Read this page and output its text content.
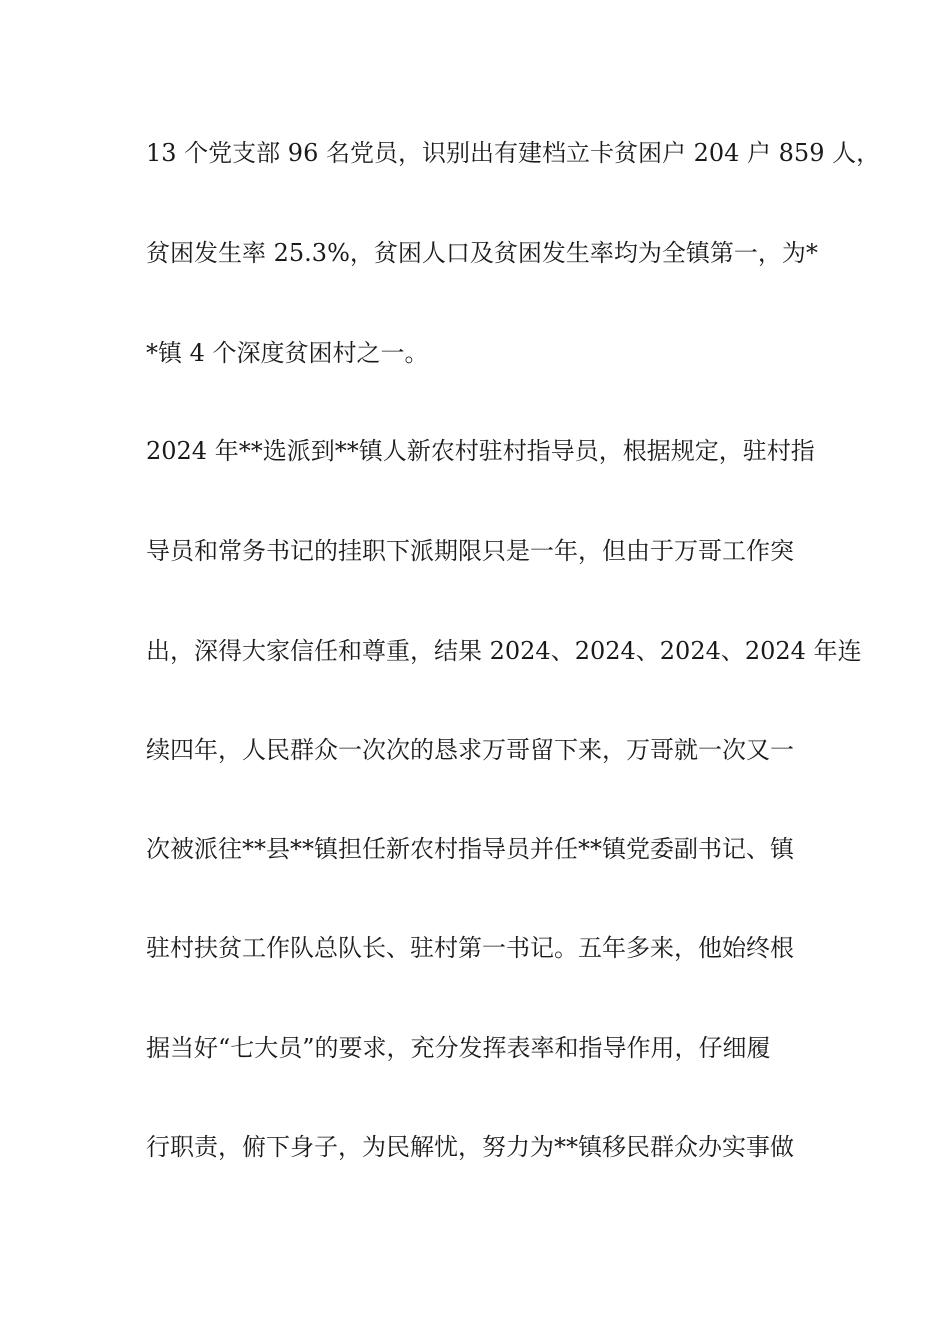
13 个党支部 96 名党员，识别出有建档立卡贫困户 204 户 859 人，
贫困发生率 25.3%，贫困人口及贫困发生率均为全镇第一，为*
*镇 4 个深度贫困村之一。
2024 年**选派到**镇人新农村驻村指导员，根据规定，驻村指
导员和常务书记的挂职下派期限只是一年，但由于万哥工作突
出，深得大家信任和尊重，结果 2024、2024、2024、2024 年连
续四年，人民群众一次次的恳求万哥留下来，万哥就一次又一
次被派往**县**镇担任新农村指导员并任**镇党委副书记、镇
驻村扶贫工作队总队长、驻村第一书记。五年多来，他始终根
据当好“七大员”的要求，充分发挥表率和指导作用，仔细履
行职责，俯下身子，为民解忧，努力为**镇移民群众办实事做
